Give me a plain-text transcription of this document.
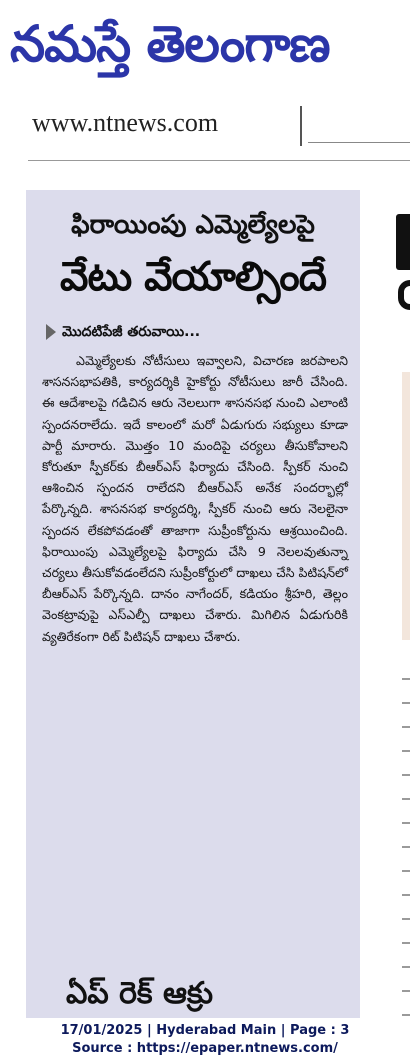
నమస్తే తెలంగాణ
www.ntnews.com
ఫిరాయింపు ఎమ్మెల్యేలపై
వేటు వేయాల్సిందే
మొదటిపేజీ తరువాయి...

ఎమ్మెల్యేలకు నోటీసులు ఇవ్వాలని, విచారణ జరపాలని శాసనసభాపతికి, కార్యదర్శికి హైకోర్టు నోటీసులు జారీ చేసింది. ఈ ఆదేశాలపై గడిచిన ఆరు నెలలుగా శాసనసభ నుంచి ఎలాంటి స్పందనరాలేదు. ఇదే కాలంలో మరో ఏడుగురు సభ్యులు కూడా పార్టీ మారారు. మొత్తం 10 మందిపై చర్యలు తీసుకోవాలని కోరుతూ స్పీకర్‌కు బీఆర్‌ఎస్ ఫిర్యాదు చేసింది. స్పీకర్ నుంచి ఆశించిన స్పందన రాలేదని బీఆర్‌ఎస్ అనేక సందర్భాల్లో పేర్కొన్నది. శాసనసభ కార్యదర్శి, స్పీకర్ నుంచి ఆరు నెలలైనా స్పందన లేకపోవడంతో తాజాగా సుప్రీంకోర్టును ఆశ్రయించింది. ఫిరాయింపు ఎమ్మెల్యేలపై ఫిర్యాదు చేసి 9 నెలలవుతున్నా చర్యలు తీసుకోవడంలేదని సుప్రీంకోర్టులో దాఖలు చేసి పిటిషన్‌లో బీఆర్‌ఎస్ పేర్కొన్నది. దానం నాగేందర్, కడియం శ్రీహరి, తెల్లం వెంకట్రావుపై ఎస్‌ఎల్పీ దాఖలు చేశారు. మిగిలిన ఏడుగురికి వ్యతిరేకంగా రిట్ పిటిషన్ దాఖలు చేశారు.

ఏప్ రెక్ ఆక్రు
17/01/2025 | Hyderabad Main | Page : 3
Source : https://epaper.ntnews.com/
